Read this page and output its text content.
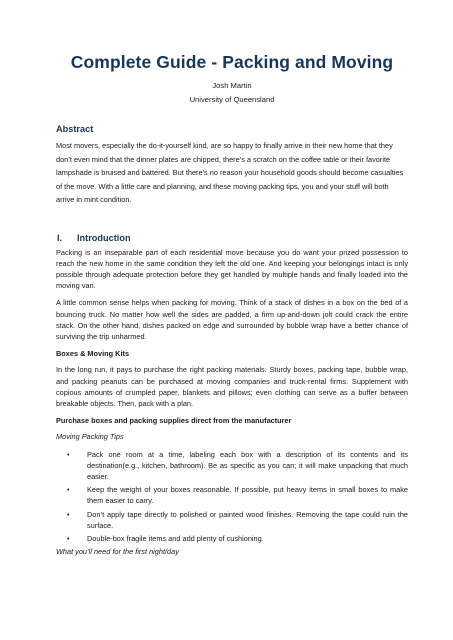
Complete Guide - Packing and Moving
Josh Martin
University of Queensland
Abstract

Most movers, especially the do-it-yourself kind, are so happy to finally arrive in their new home that they don’t even mind that the dinner plates are chipped, there’s a scratch on the coffee table or their favorite lampshade is bruised and battered. But there’s no reason your household goods should become casualties of the move. With a little care and planning, and these moving packing tips, you and your stuff will both arrive in mint condition.

I.	Introduction

Packing is an inseparable part of each residential move because you do want your prized possession to reach the new home in the same condition they left the old one. And keeping your belongings intact is only possible through adequate protection before they get handled by multiple hands and finally loaded into the moving van.

A little common sense helps when packing for moving. Think of a stack of dishes in a box on the bed of a bouncing truck. No matter how well the sides are padded, a firm up-and-down jolt could crack the entire stack. On the other hand, dishes packed on edge and surrounded by bubble wrap have a better chance of surviving the trip unharmed.

Boxes & Moving Kits

In the long run, it pays to purchase the right packing materials. Sturdy boxes, packing tape, bubble wrap, and packing peanuts can be purchased at moving companies and truck-rental firms. Supplement with copious amounts of crumpled paper, blankets and pillows; even clothing can serve as a buffer between breakable objects. Then, pack with a plan.

Purchase boxes and packing supplies direct from the manufacturer
Moving Packing Tips
• Pack one room at a time, labeling each box with a description of its contents and its destination(e.g., kitchen, bathroom). Be as specific as you can; it will make unpacking that much easier.
• Keep the weight of your boxes reasonable. If possible, put heavy items in small boxes to make them easier to carry.
• Don’t apply tape directly to polished or painted wood finishes. Removing the tape could ruin the surface.
• Double-box fragile items and add plenty of cushioning.
What you’ll need for the first night/day
